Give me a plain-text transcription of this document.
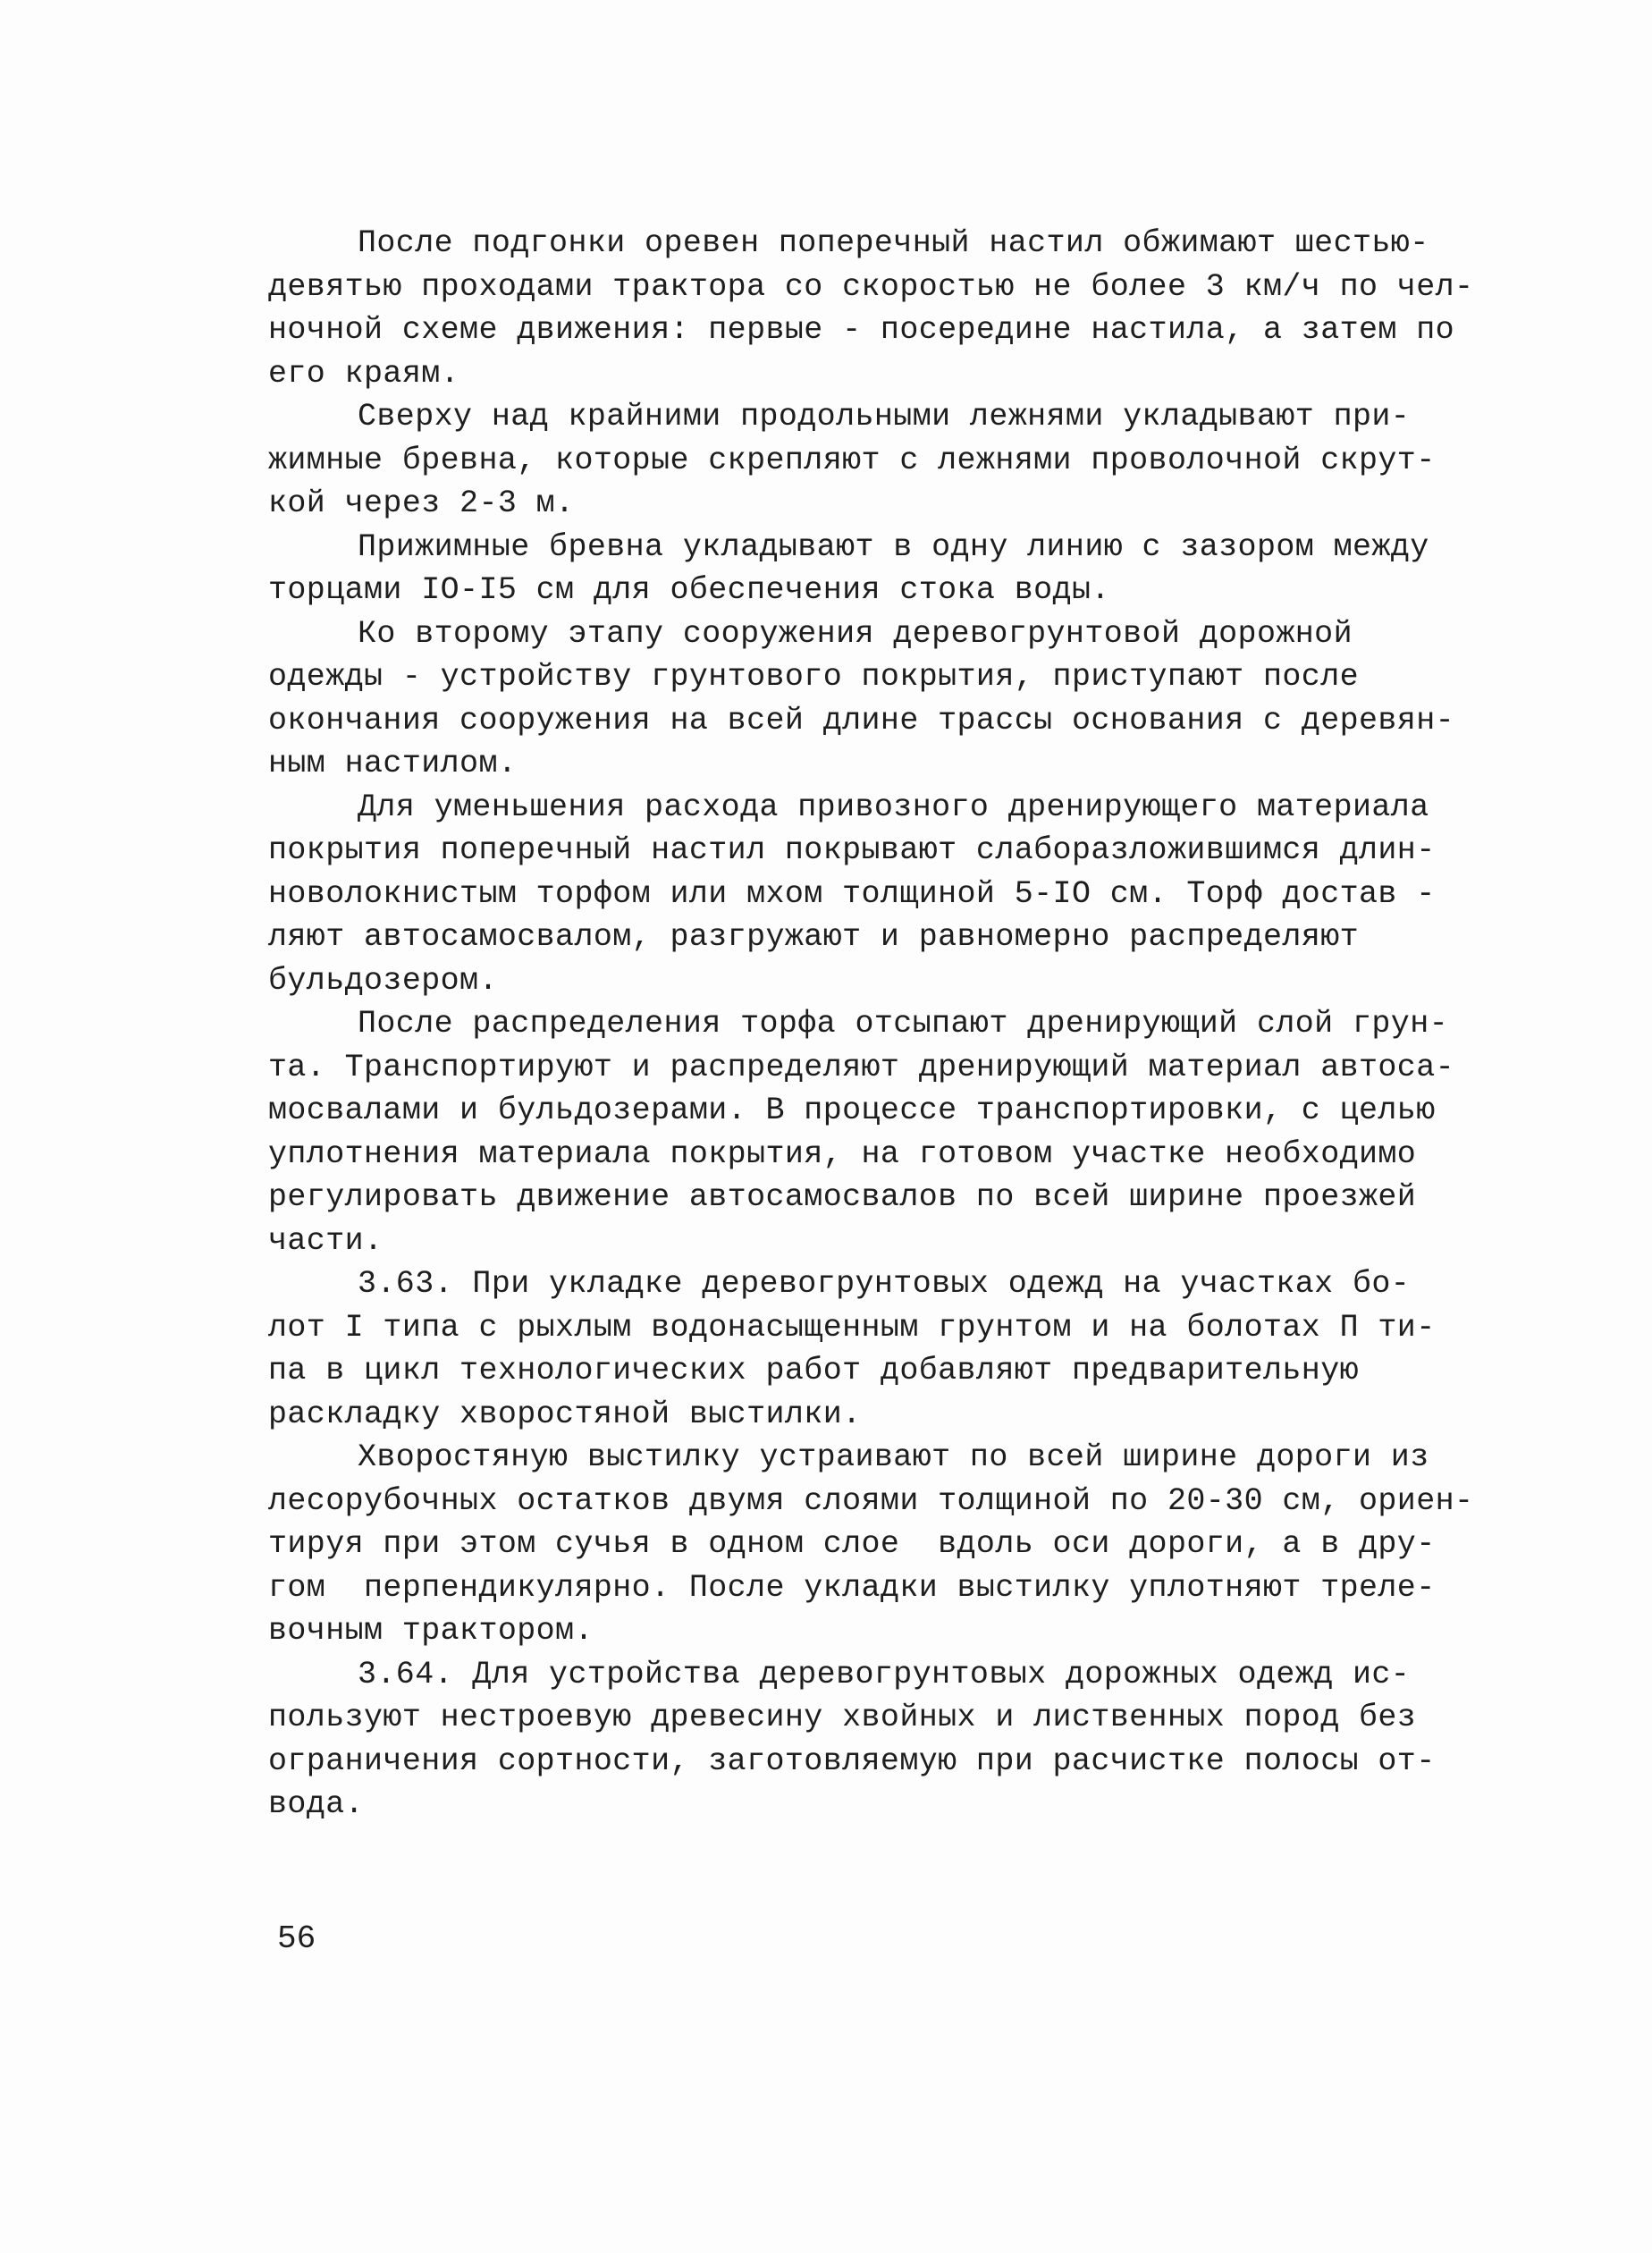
После подгонки оревен поперечный настил обжимают шестью-
девятью проходами трактора со скоростью не более 3 км/ч по чел-
ночной схеме движения: первые - посередине настила, а затем по
его краям.
Сверху над крайними продольными лежнями укладывают при-
жимные бревна, которые скрепляют с лежнями проволочной скрут-
кой через 2-3 м.
Прижимные бревна укладывают в одну линию с зазором между
торцами IO-I5 см для обеспечения стока воды.
Ко второму этапу сооружения деревогрунтовой дорожной
одежды - устройству грунтового покрытия, приступают после
окончания сооружения на всей длине трассы основания с деревян-
ным настилом.
Для уменьшения расхода привозного дренирующего материала
покрытия поперечный настил покрывают слаборазложившимся длин-
новолокнистым торфом или мхом толщиной 5-IO см. Торф достав -
ляют автосамосвалом, разгружают и равномерно распределяют
бульдозером.
После распределения торфа отсыпают дренирующий слой грун-
та. Транспортируют и распределяют дренирующий материал автоса-
мосвалами и бульдозерами. В процессе транспортировки, с целью
уплотнения материала покрытия, на готовом участке необходимо
регулировать движение автосамосвалов по всей ширине проезжей
части.
3.63. При укладке деревогрунтовых одежд на участках бо-
лот I типа с рыхлым водонасыщенным грунтом и на болотах П ти-
па в цикл технологических работ добавляют предварительную
раскладку хворостяной выстилки.
Хворостяную выстилку устраивают по всей ширине дороги из
лесорубочных остатков двумя слоями толщиной по 20-30 см, ориен-
тируя при этом сучья в одном слое  вдоль оси дороги, а в дру-
гом  перпендикулярно. После укладки выстилку уплотняют треле-
вочным трактором.
3.64. Для устройства деревогрунтовых дорожных одежд ис-
пользуют нестроевую древесину хвойных и лиственных пород без
ограничения сортности, заготовляемую при расчистке полосы от-
вода.
56
